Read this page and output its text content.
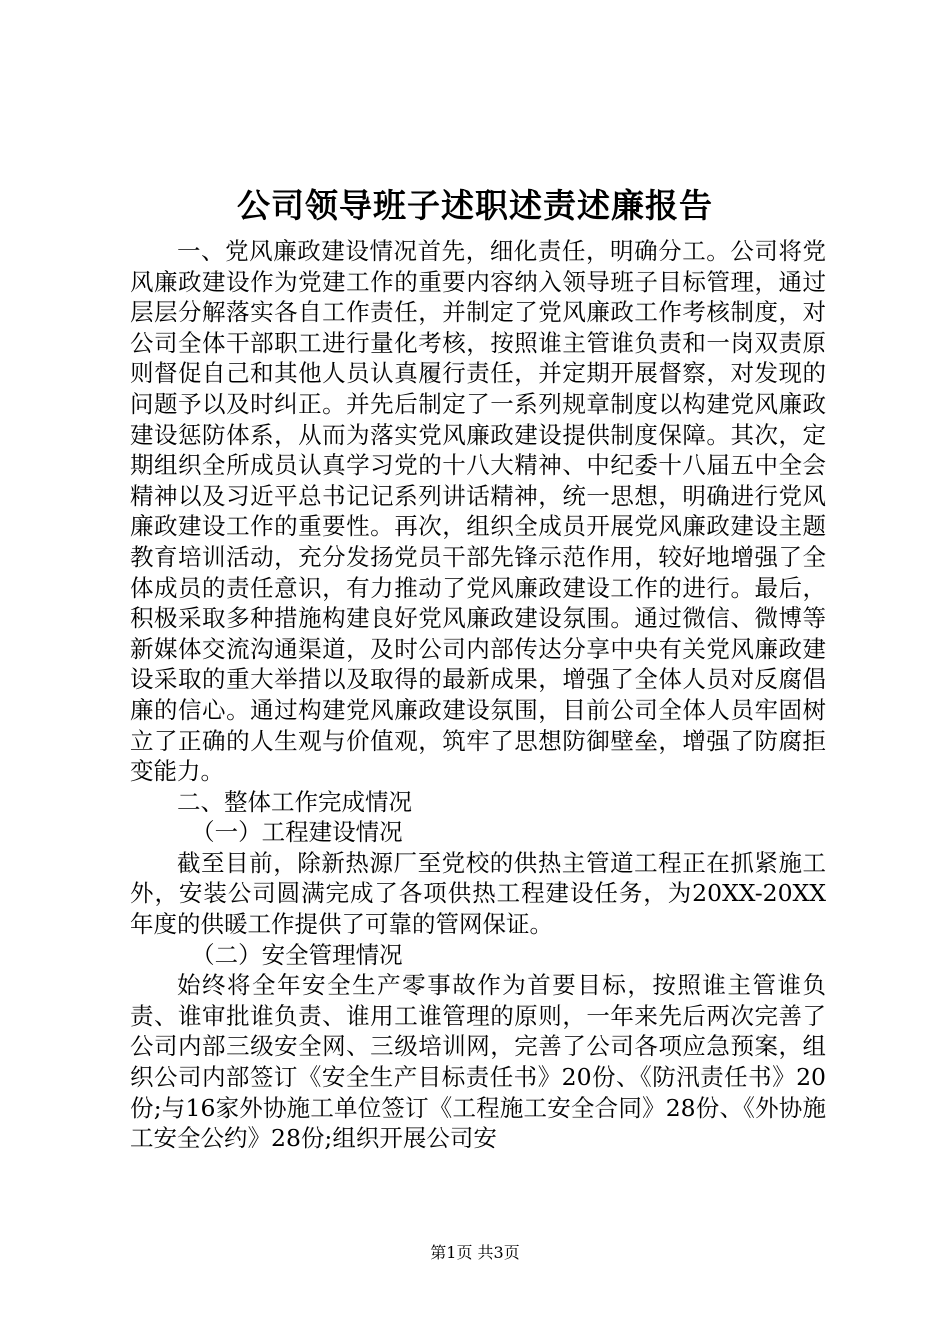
公司领导班子述职述责述廉报告

一、党风廉政建设情况首先，细化责任，明确分工。公司将党风廉政建设作为党建工作的重要内容纳入领导班子目标管理，通过层层分解落实各自工作责任，并制定了党风廉政工作考核制度，对公司全体干部职工进行量化考核，按照谁主管谁负责和一岗双责原则督促自己和其他人员认真履行责任，并定期开展督察，对发现的问题予以及时纠正。并先后制定了一系列规章制度以构建党风廉政建设惩防体系，从而为落实党风廉政建设提供制度保障。其次，定期组织全所成员认真学习党的十八大精神、中纪委十八届五中全会精神以及习近平总书记记系列讲话精神，统一思想，明确进行党风廉政建设工作的重要性。再次，组织全成员开展党风廉政建设主题教育培训活动，充分发扬党员干部先锋示范作用，较好地增强了全体成员的责任意识，有力推动了党风廉政建设工作的进行。最后，积极采取多种措施构建良好党风廉政建设氛围。通过微信、微博等新媒体交流沟通渠道，及时公司内部传达分享中央有关党风廉政建设采取的重大举措以及取得的最新成果，增强了全体人员对反腐倡廉的信心。通过构建党风廉政建设氛围，目前公司全体人员牢固树立了正确的人生观与价值观，筑牢了思想防御壁垒，增强了防腐拒变能力。

二、整体工作完成情况

（一）工程建设情况

截至目前，除新热源厂至党校的供热主管道工程正在抓紧施工外，安装公司圆满完成了各项供热工程建设任务，为20XX-20XX年度的供暖工作提供了可靠的管网保证。

（二）安全管理情况

始终将全年安全生产零事故作为首要目标，按照谁主管谁负责、谁审批谁负责、谁用工谁管理的原则，一年来先后两次完善了公司内部三级安全网、三级培训网，完善了公司各项应急预案，组织公司内部签订《安全生产目标责任书》20份、《防汛责任书》20份;与16家外协施工单位签订《工程施工安全合同》28份、《外协施工安全公约》28份;组织开展公司安

第1页 共3页
